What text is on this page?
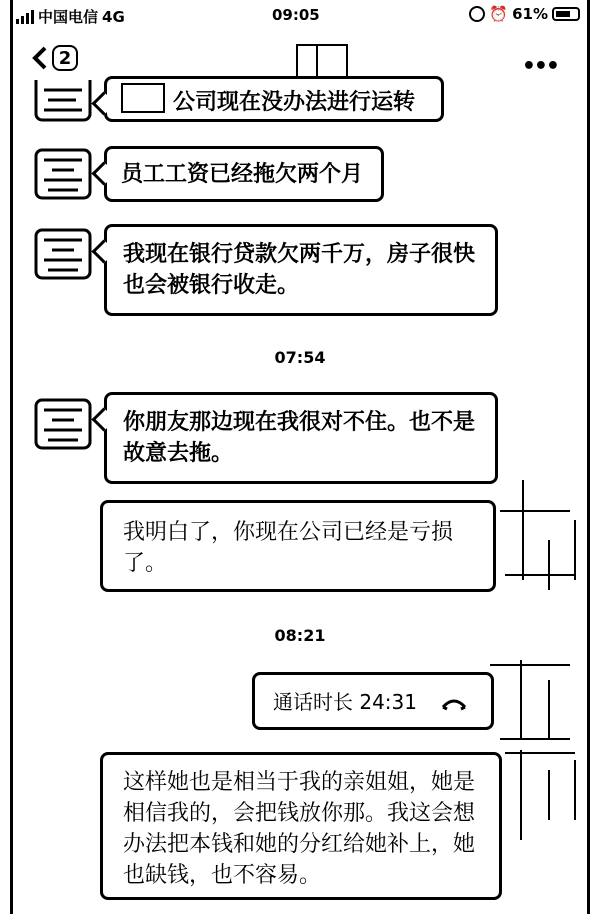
中国电信 4G	09:05	⏰ 61%
2	•••
公司现在没办法进行运转
员工工资已经拖欠两个月
我现在银行贷款欠两千万，房子很快也会被银行收走。
07:54
你朋友那边现在我很对不住。也不是故意去拖。
我明白了，你现在公司已经是亏损了。
08:21
通话时长 24:31
这样她也是相当于我的亲姐姐，她是相信我的，会把钱放你那。我这会想办法把本钱和她的分红给她补上，她也缺钱，也不容易。
